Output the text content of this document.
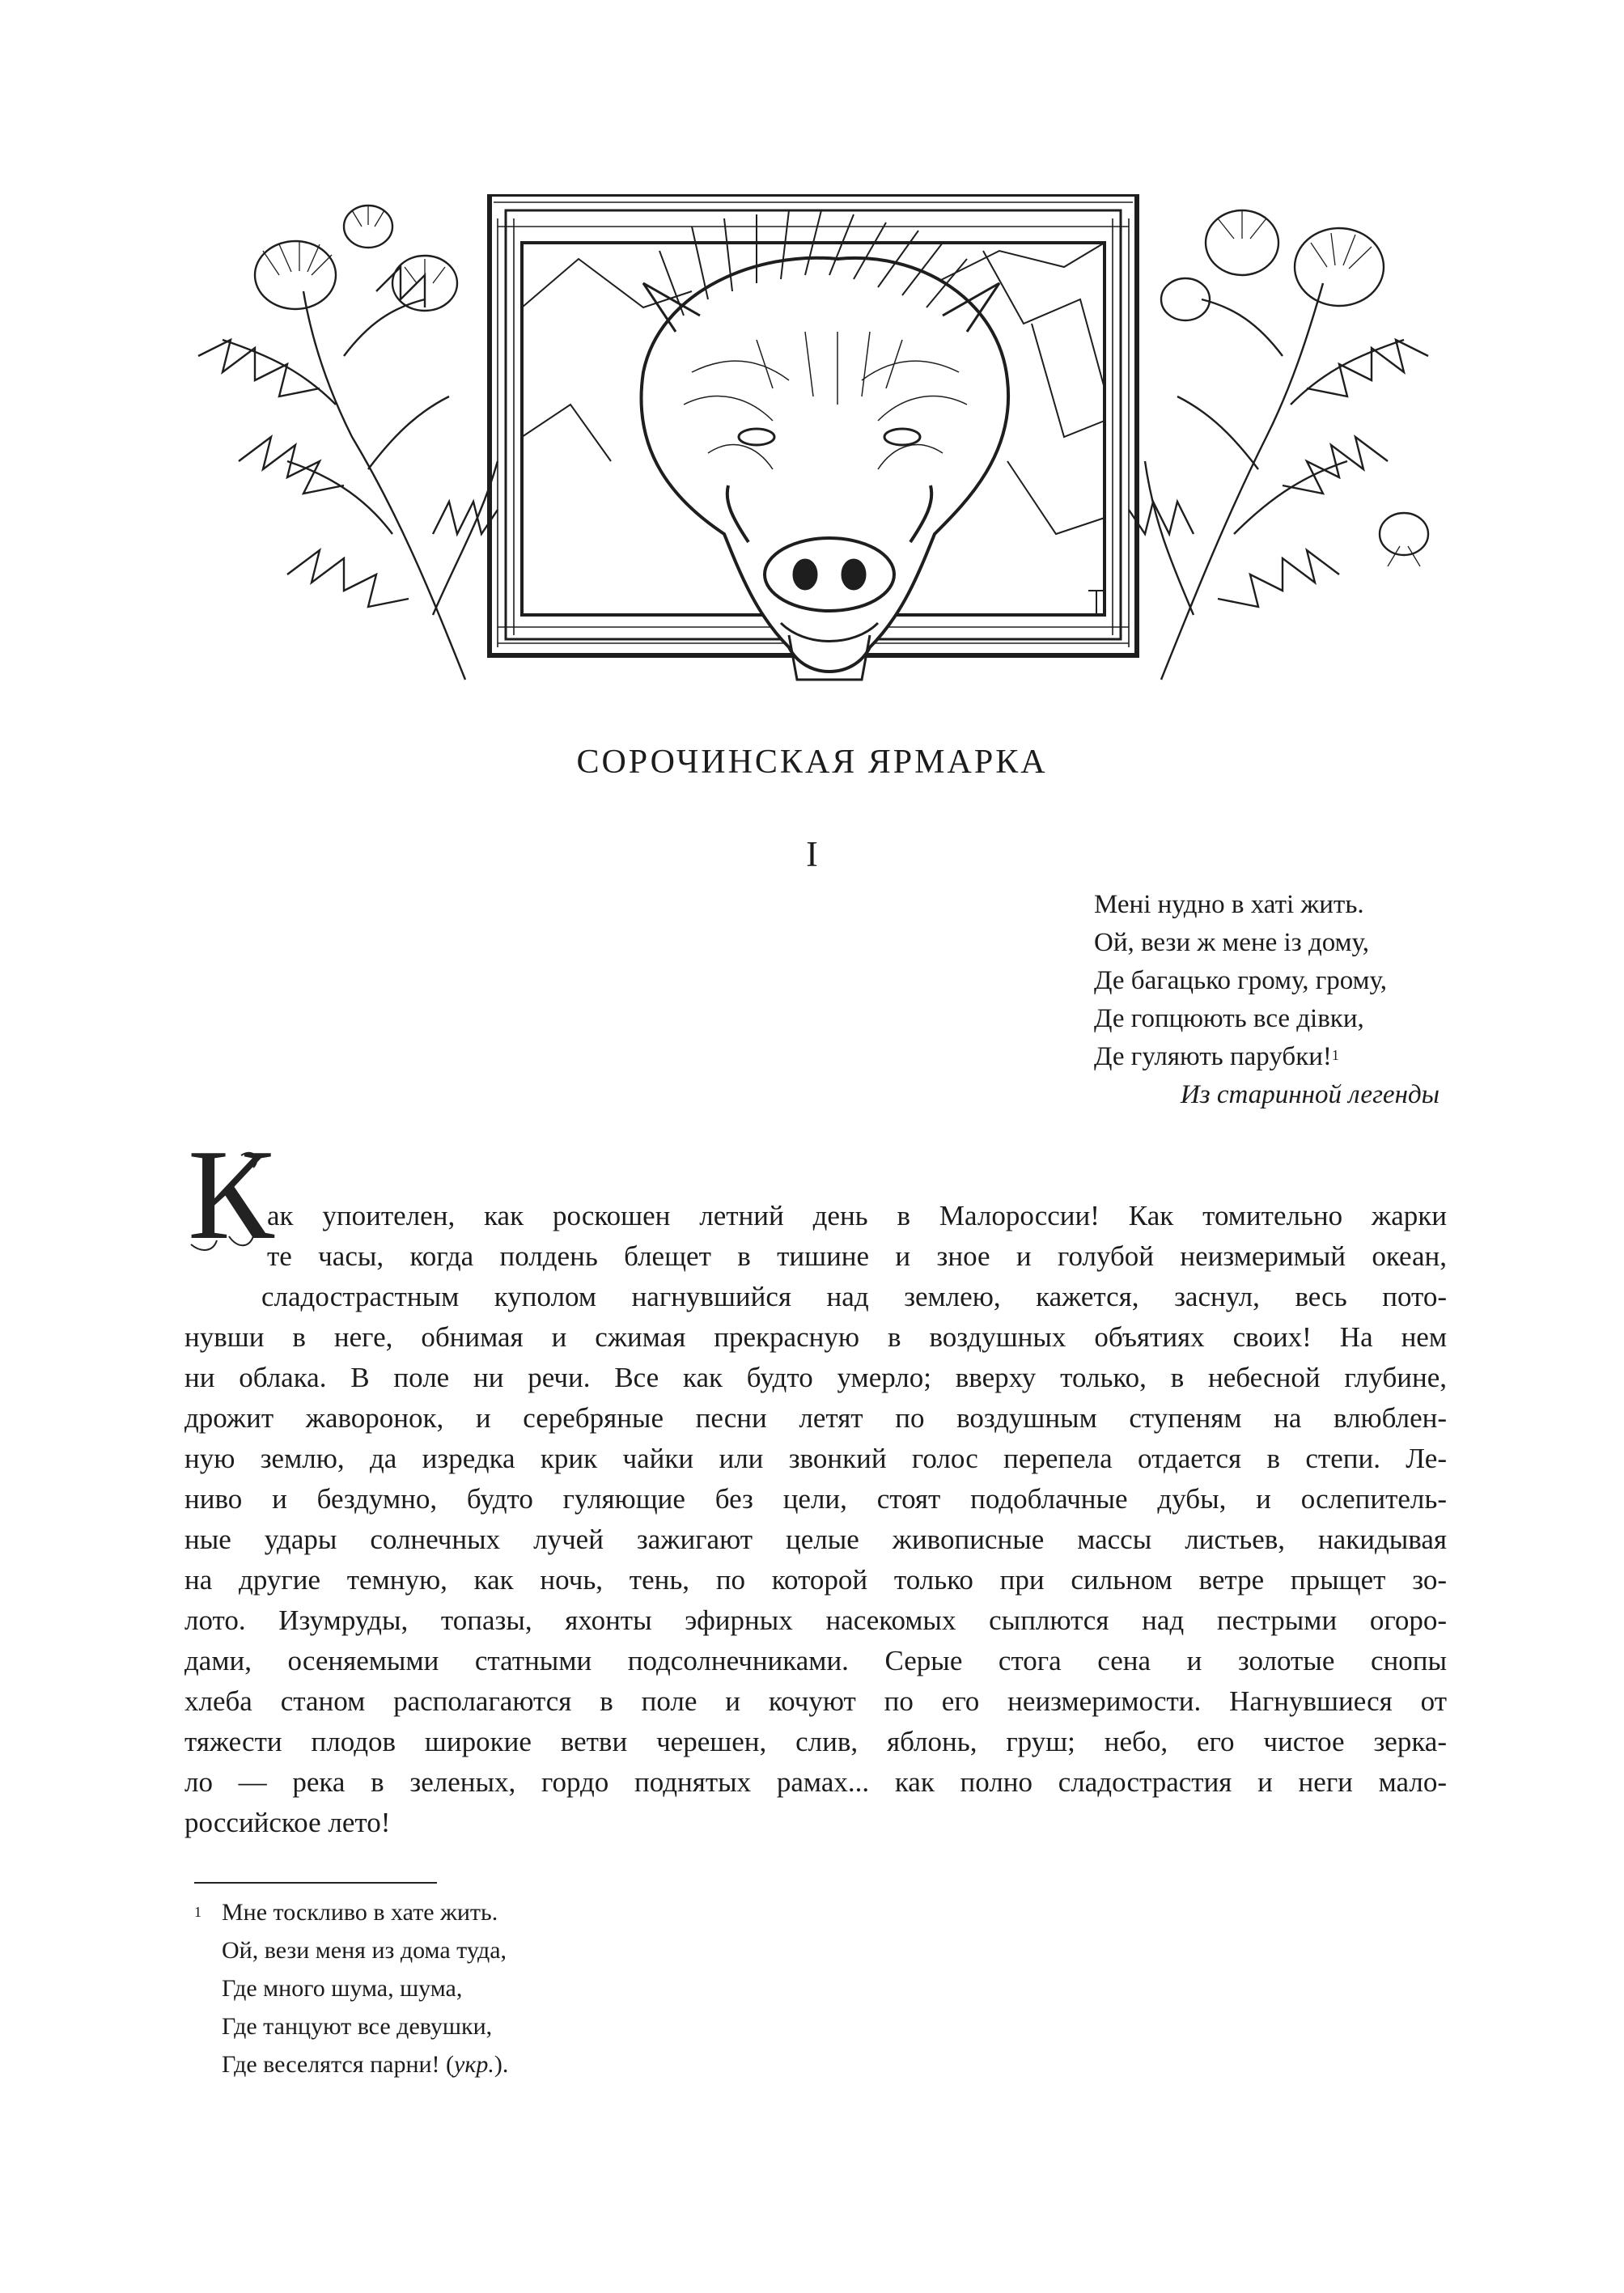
СОРОЧИНСКАЯ ЯРМАРКА
I
Мені нудно в хаті жить.
Ой, вези ж мене із дому,
Де багацько грому, грому,
Де гопцюють все дівки,
Де гуляють парубки!$^1$
Из старинной легенды
К
ак упоителен, как роскошен летний день в Малороссии! Как томительно жарки
те часы, когда полдень блещет в тишине и зное и голубой неизмеримый океан,
сладострастным куполом нагнувшийся над землею, кажется, заснул, весь пото-
нувши в неге, обнимая и сжимая прекрасную в воздушных объятиях своих! На нем
ни облака. В поле ни речи. Все как будто умерло; вверху только, в небесной глубине,
дрожит жаворонок, и серебряные песни летят по воздушным ступеням на влюблен-
ную землю, да изредка крик чайки или звонкий голос перепела отдается в степи. Ле-
ниво и бездумно, будто гуляющие без цели, стоят подоблачные дубы, и ослепитель-
ные удары солнечных лучей зажигают целые живописные массы листьев, накидывая
на другие темную, как ночь, тень, по которой только при сильном ветре прыщет зо-
лото. Изумруды, топазы, яхонты эфирных насекомых сыплются над пестрыми огоро-
дами, осеняемыми статными подсолнечниками. Серые стога сена и золотые снопы
хлеба станом располагаются в поле и кочуют по его неизмеримости. Нагнувшиеся от
тяжести плодов широкие ветви черешен, слив, яблонь, груш; небо, его чистое зерка-
ло — река в зеленых, гордо поднятых рамах... как полно сладострастия и неги мало-
российское лето!
1 Мне тоскливо в хате жить.
Ой, вези меня из дома туда,
Где много шума, шума,
Где танцуют все девушки,
Где веселятся парни! (укр.).
